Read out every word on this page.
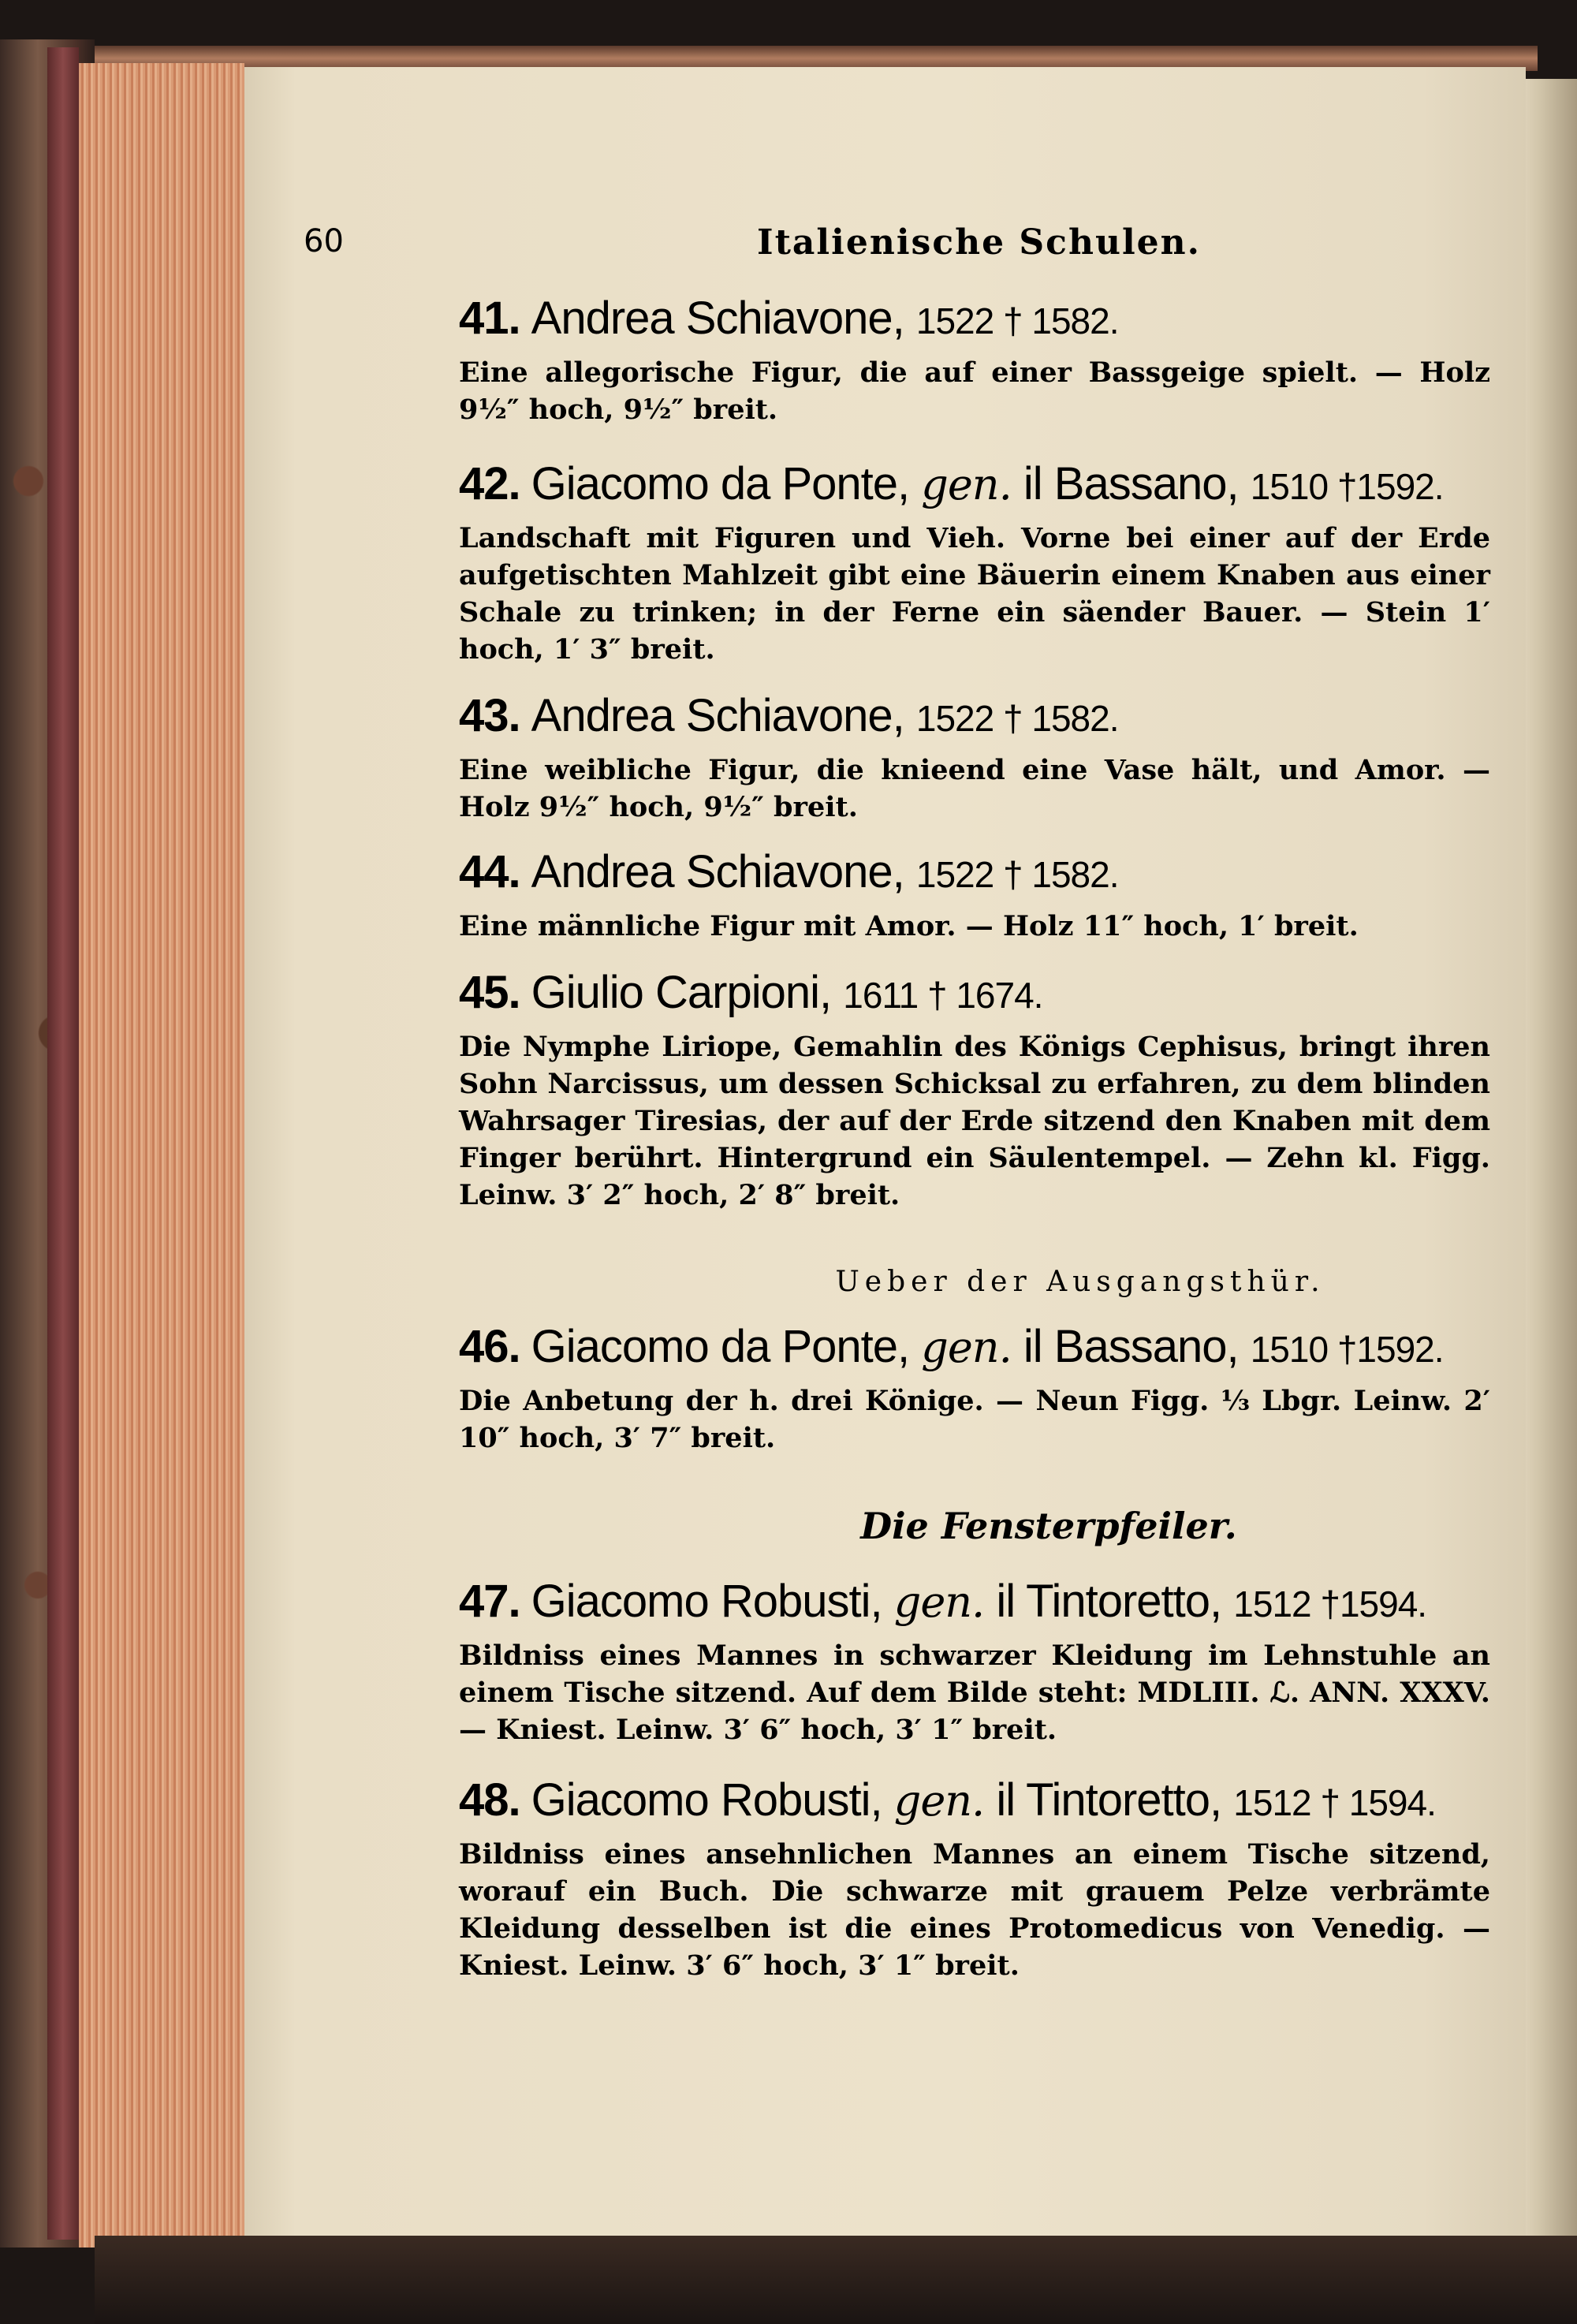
60	Italienische Schulen.
41. Andrea Schiavone, 1522 † 1582.
Eine allegorische Figur, die auf einer Bassgeige spielt. — Holz 9½″ hoch, 9½″ breit.
42. Giacomo da Ponte, gen. il Bassano, 1510 †1592.
Landschaft mit Figuren und Vieh. Vorne bei einer auf der Erde aufgetischten Mahlzeit gibt eine Bäuerin einem Knaben aus einer Schale zu trinken; in der Ferne ein säender Bauer. — Stein 1′ hoch, 1′ 3″ breit.
43. Andrea Schiavone, 1522 † 1582.
Eine weibliche Figur, die knieend eine Vase hält, und Amor. — Holz 9½″ hoch, 9½″ breit.
44. Andrea Schiavone, 1522 † 1582.
Eine männliche Figur mit Amor. — Holz 11″ hoch, 1′ breit.
45. Giulio Carpioni, 1611 † 1674.
Die Nymphe Liriope, Gemahlin des Königs Cephisus, bringt ihren Sohn Narcissus, um dessen Schicksal zu erfahren, zu dem blinden Wahrsager Tiresias, der auf der Erde sitzend den Knaben mit dem Finger berührt. Hintergrund ein Säulentempel. — Zehn kl. Figg. Leinw. 3′ 2″ hoch, 2′ 8″ breit.
Ueber der Ausgangsthür.
46. Giacomo da Ponte, gen. il Bassano, 1510 †1592.
Die Anbetung der h. drei Könige. — Neun Figg. ⅓ Lbgr. Leinw. 2′ 10″ hoch, 3′ 7″ breit.
Die Fensterpfeiler.
47. Giacomo Robusti, gen. il Tintoretto, 1512 †1594.
Bildniss eines Mannes in schwarzer Kleidung im Lehnstuhle an einem Tische sitzend. Auf dem Bilde steht: MDLIII. ℒ. ANN. XXXV. — Kniest. Leinw. 3′ 6″ hoch, 3′ 1″ breit.
48. Giacomo Robusti, gen. il Tintoretto, 1512 † 1594.
Bildniss eines ansehnlichen Mannes an einem Tische sitzend, worauf ein Buch. Die schwarze mit grauem Pelze verbrämte Kleidung desselben ist die eines Protomedicus von Venedig. — Kniest. Leinw. 3′ 6″ hoch, 3′ 1″ breit.
